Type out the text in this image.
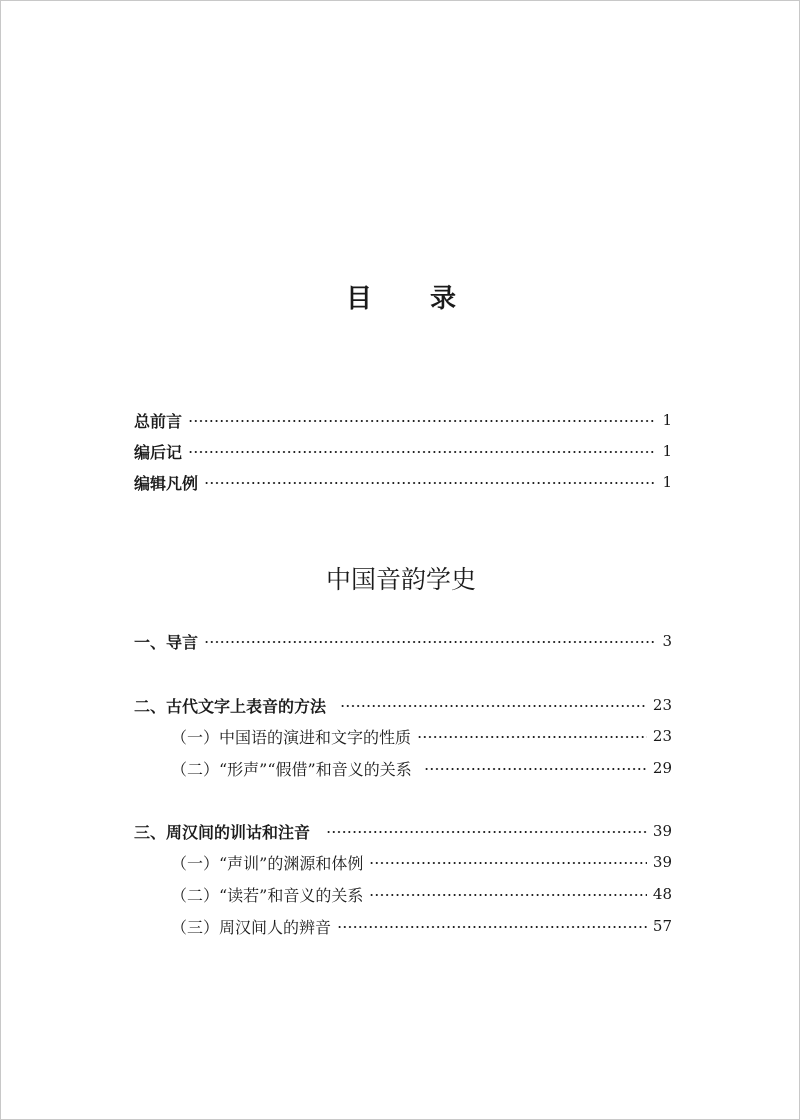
目 录
总前言	1
编后记	1
编辑凡例	1
中国音韵学史
一、导言	3
二、古代文字上表音的方法	23
（一）中国语的演进和文字的性质	23
（二）“形声”“假借”和音义的关系	29
三、周汉间的训诂和注音	39
（一）“声训”的渊源和体例	39
（二）“读若”和音义的关系	48
（三）周汉间人的辨音	57
